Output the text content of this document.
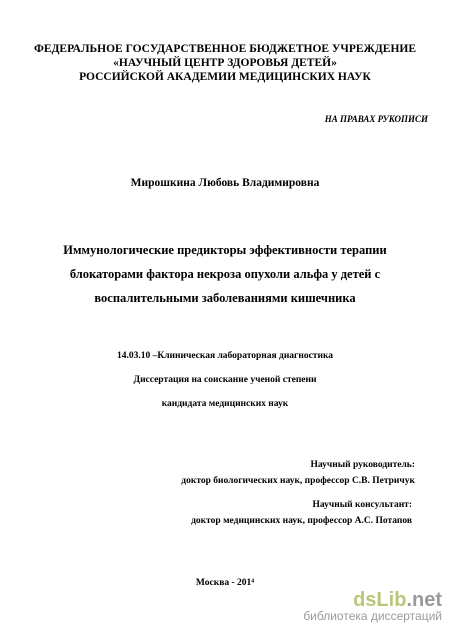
ФЕДЕРАЛЬНОЕ ГОСУДАРСТВЕННОЕ БЮДЖЕТНОЕ УЧРЕЖДЕНИЕ
«НАУЧНЫЙ ЦЕНТР ЗДОРОВЬЯ ДЕТЕЙ»
РОССИЙСКОЙ АКАДЕМИИ МЕДИЦИНСКИХ НАУК
НА ПРАВАХ РУКОПИСИ
Мирошкина Любовь Владимировна
Иммунологические предикторы эффективности терапии
блокаторами фактора некроза опухоли альфа у детей с
воспалительными заболеваниями кишечника
14.03.10 –Клиническая лабораторная диагностика
Диссертация на соискание ученой степени
кандидата медицинских наук
Научный руководитель:
доктор биологических наук, профессор С.В. Петричук
Научный консультант:
доктор медицинских наук, профессор А.С. Потапов
Москва - 201⁴
dsLib.net
библиотека диссертаций
